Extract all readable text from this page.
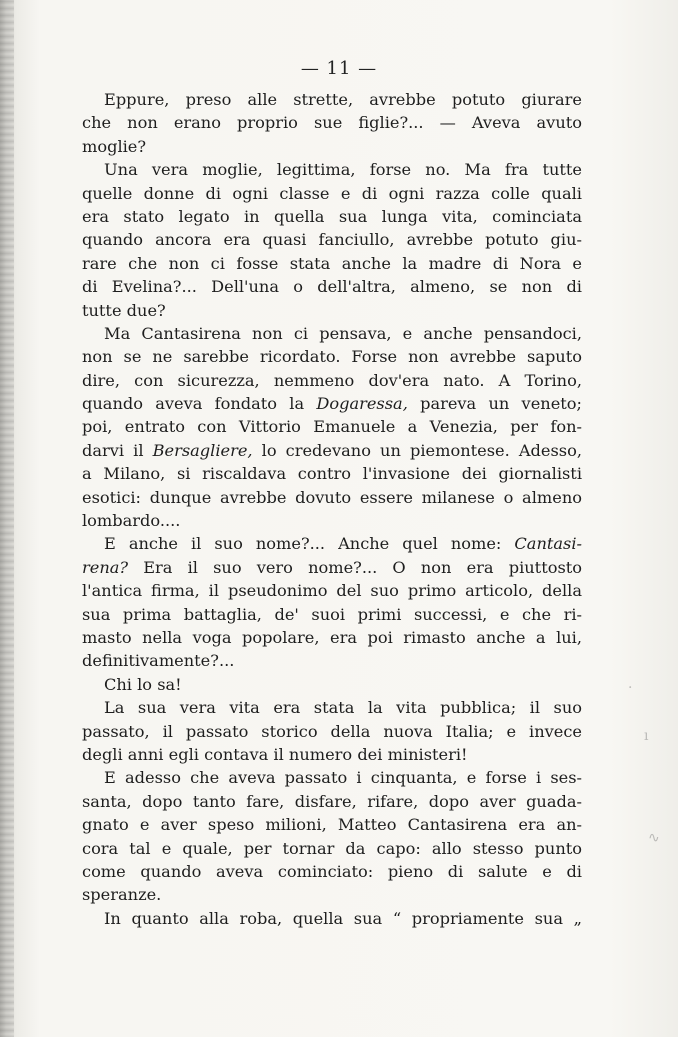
— 11 —
Eppure, preso alle strette, avrebbe potuto giurare
che non erano proprio sue figlie?... — Aveva avuto
moglie?
Una vera moglie, legittima, forse no. Ma fra tutte
quelle donne di ogni classe e di ogni razza colle quali
era stato legato in quella sua lunga vita, cominciata
quando ancora era quasi fanciullo, avrebbe potuto giu-
rare che non ci fosse stata anche la madre di Nora e
di Evelina?... Dell'una o dell'altra, almeno, se non di
tutte due?
Ma Cantasirena non ci pensava, e anche pensandoci,
non se ne sarebbe ricordato. Forse non avrebbe saputo
dire, con sicurezza, nemmeno dov'era nato. A Torino,
quando aveva fondato la Dogaressa, pareva un veneto;
poi, entrato con Vittorio Emanuele a Venezia, per fon-
darvi il Bersagliere, lo credevano un piemontese. Adesso,
a Milano, si riscaldava contro l'invasione dei giornalisti
esotici: dunque avrebbe dovuto essere milanese o almeno
lombardo....
E anche il suo nome?... Anche quel nome: Cantasi-
rena? Era il suo vero nome?... O non era piuttosto
l'antica firma, il pseudonimo del suo primo articolo, della
sua prima battaglia, de' suoi primi successi, e che ri-
masto nella voga popolare, era poi rimasto anche a lui,
definitivamente?...
Chi lo sa!
La sua vera vita era stata la vita pubblica; il suo
passato, il passato storico della nuova Italia; e invece
degli anni egli contava il numero dei ministeri!
E adesso che aveva passato i cinquanta, e forse i ses-
santa, dopo tanto fare, disfare, rifare, dopo aver guada-
gnato e aver speso milioni, Matteo Cantasirena era an-
cora tal e quale, per tornar da capo: allo stesso punto
come quando aveva cominciato: pieno di salute e di
speranze.
In quanto alla roba, quella sua “ propriamente sua „
·
ı
∿
